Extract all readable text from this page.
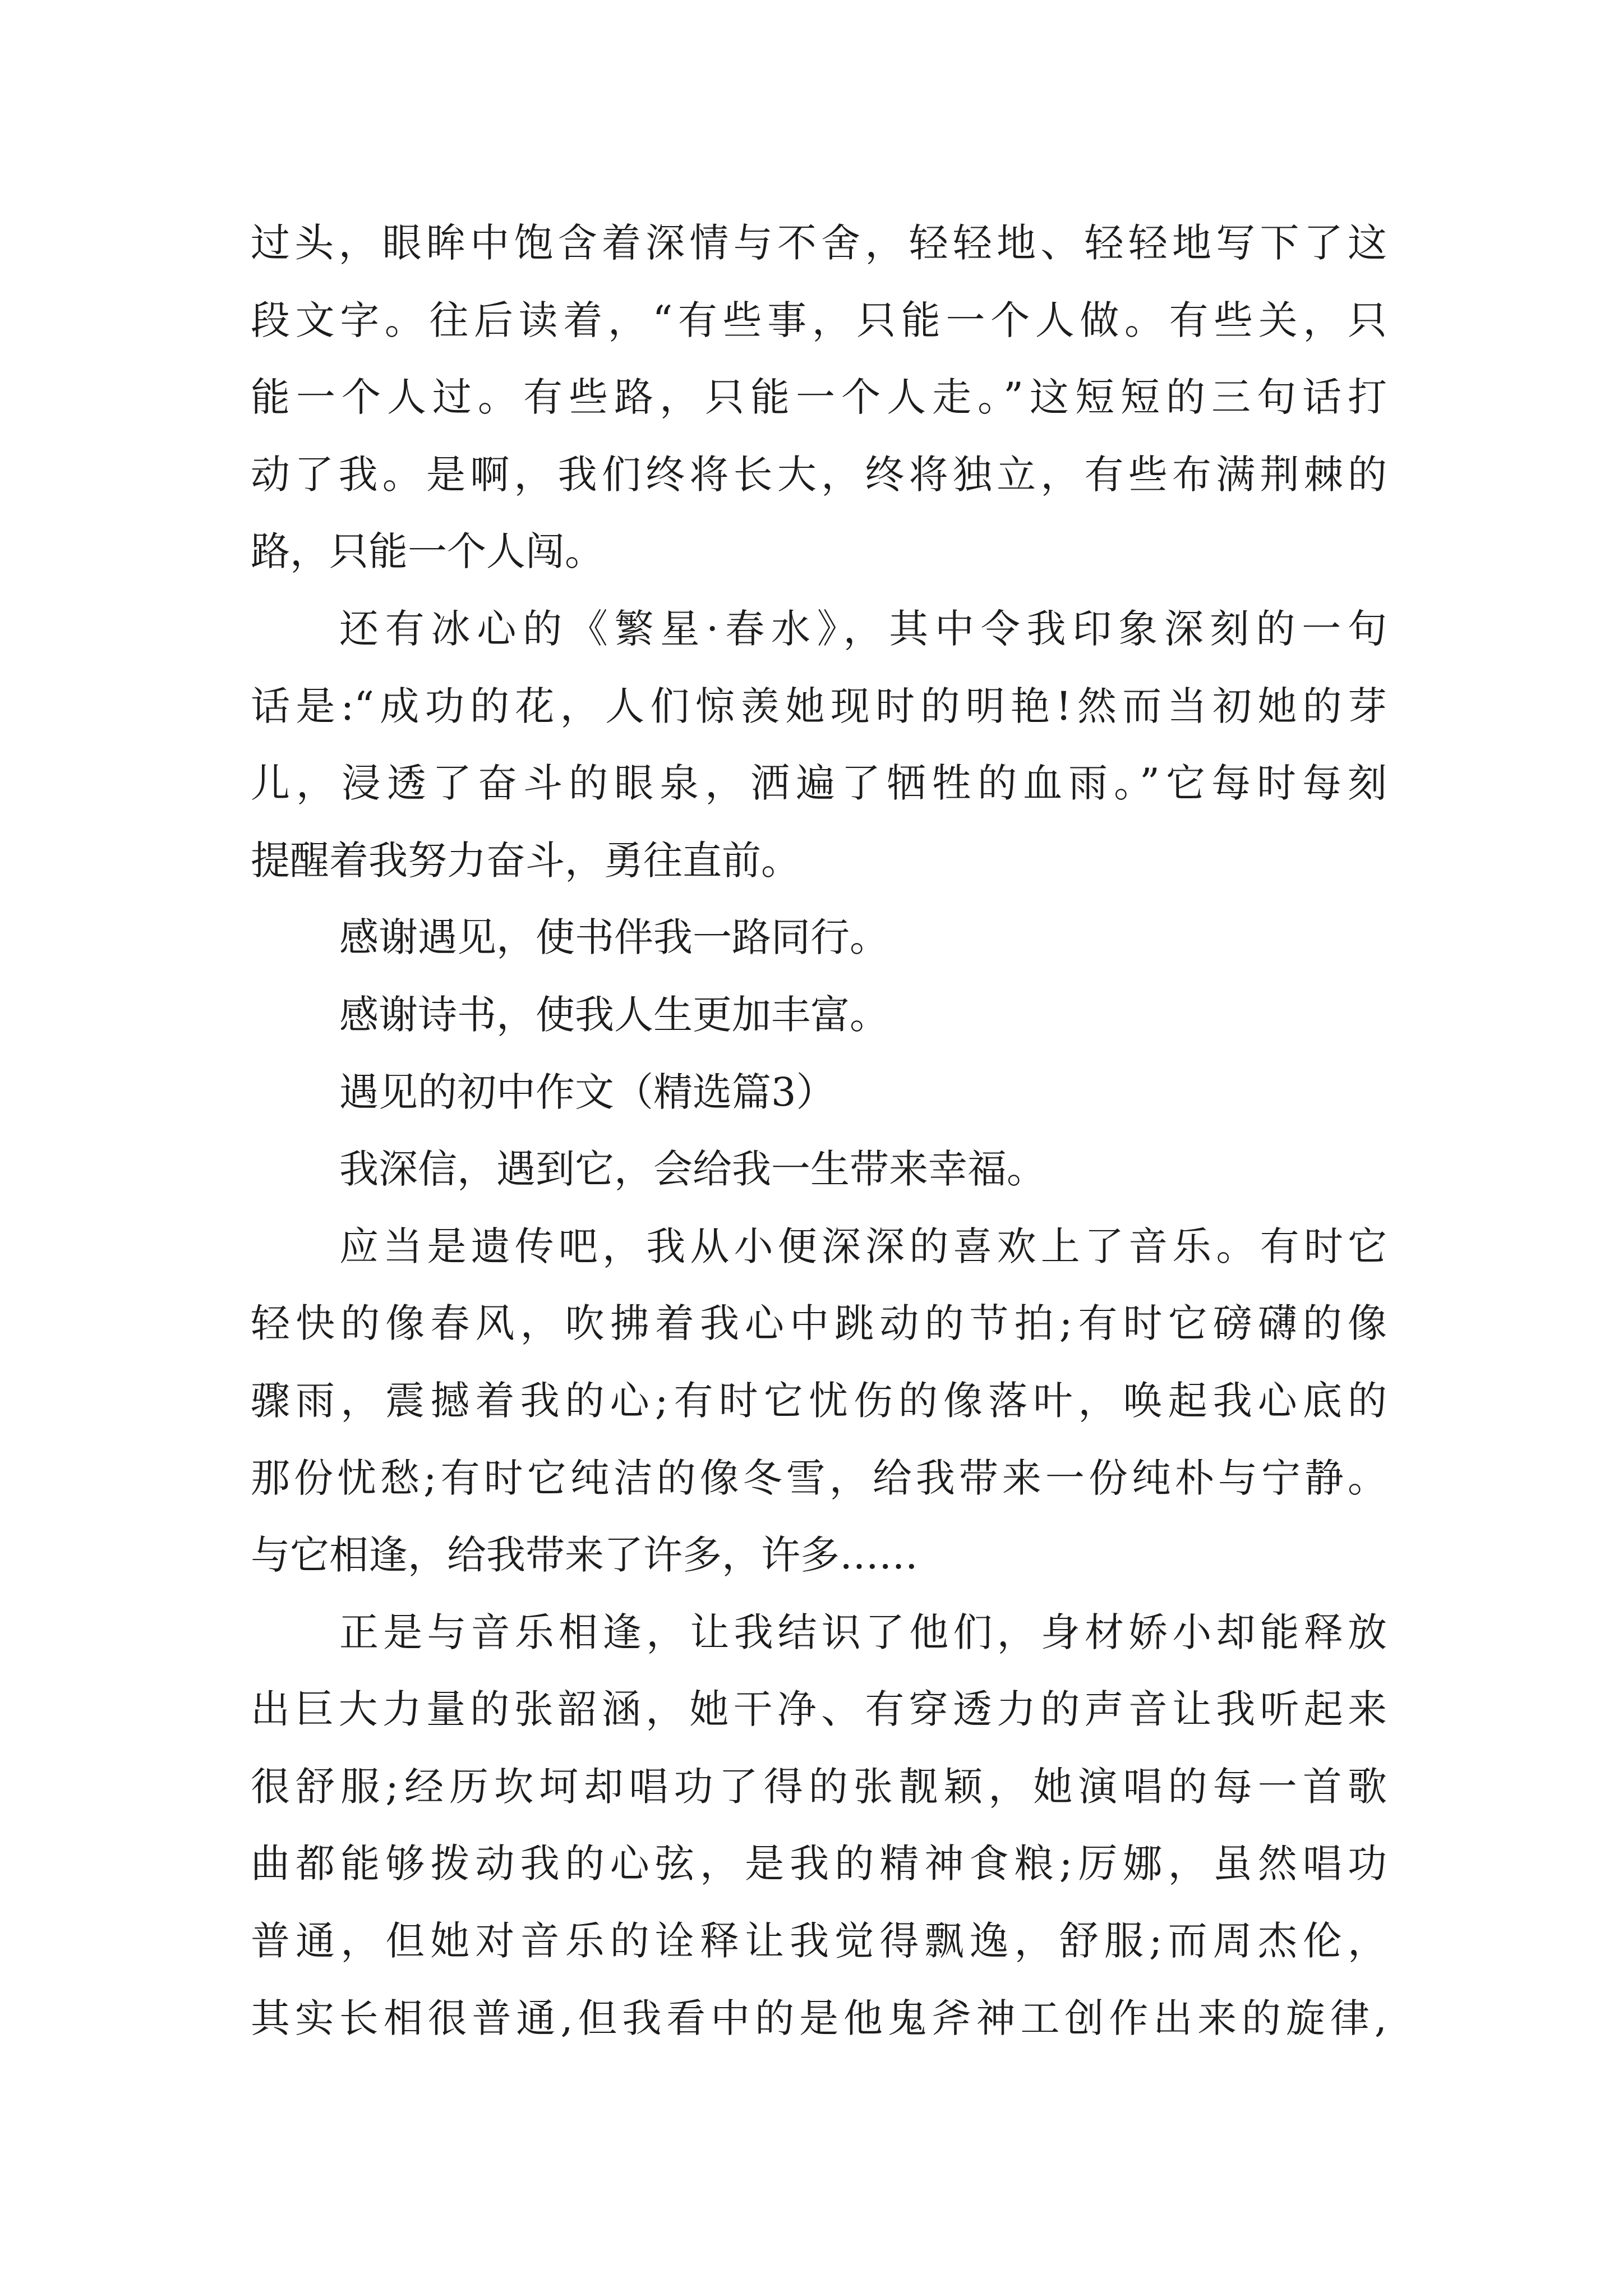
过头，眼眸中饱含着深情与不舍，轻轻地、轻轻地写下了这
段文字。往后读着，“有些事，只能一个人做。有些关，只
能一个人过。有些路，只能一个人走。”这短短的三句话打
动了我。是啊，我们终将长大，终将独立，有些布满荆棘的
路，只能一个人闯。
还有冰心的《繁星·春水》，其中令我印象深刻的一句
话是:“成功的花，人们惊羡她现时的明艳!然而当初她的芽
儿，浸透了奋斗的眼泉，洒遍了牺牲的血雨。”它每时每刻
提醒着我努力奋斗，勇往直前。
感谢遇见，使书伴我一路同行。
感谢诗书，使我人生更加丰富。
遇见的初中作文（精选篇3）
我深信，遇到它，会给我一生带来幸福。
应当是遗传吧，我从小便深深的喜欢上了音乐。有时它
轻快的像春风，吹拂着我心中跳动的节拍;有时它磅礴的像
骤雨，震撼着我的心;有时它忧伤的像落叶，唤起我心底的
那份忧愁;有时它纯洁的像冬雪，给我带来一份纯朴与宁静。
与它相逢，给我带来了许多，许多……
正是与音乐相逢，让我结识了他们，身材娇小却能释放
出巨大力量的张韶涵，她干净、有穿透力的声音让我听起来
很舒服;经历坎坷却唱功了得的张靓颖，她演唱的每一首歌
曲都能够拨动我的心弦，是我的精神食粮;厉娜，虽然唱功
普通，但她对音乐的诠释让我觉得飘逸，舒服;而周杰伦，
其实长相很普通,但我看中的是他鬼斧神工创作出来的旋律,
